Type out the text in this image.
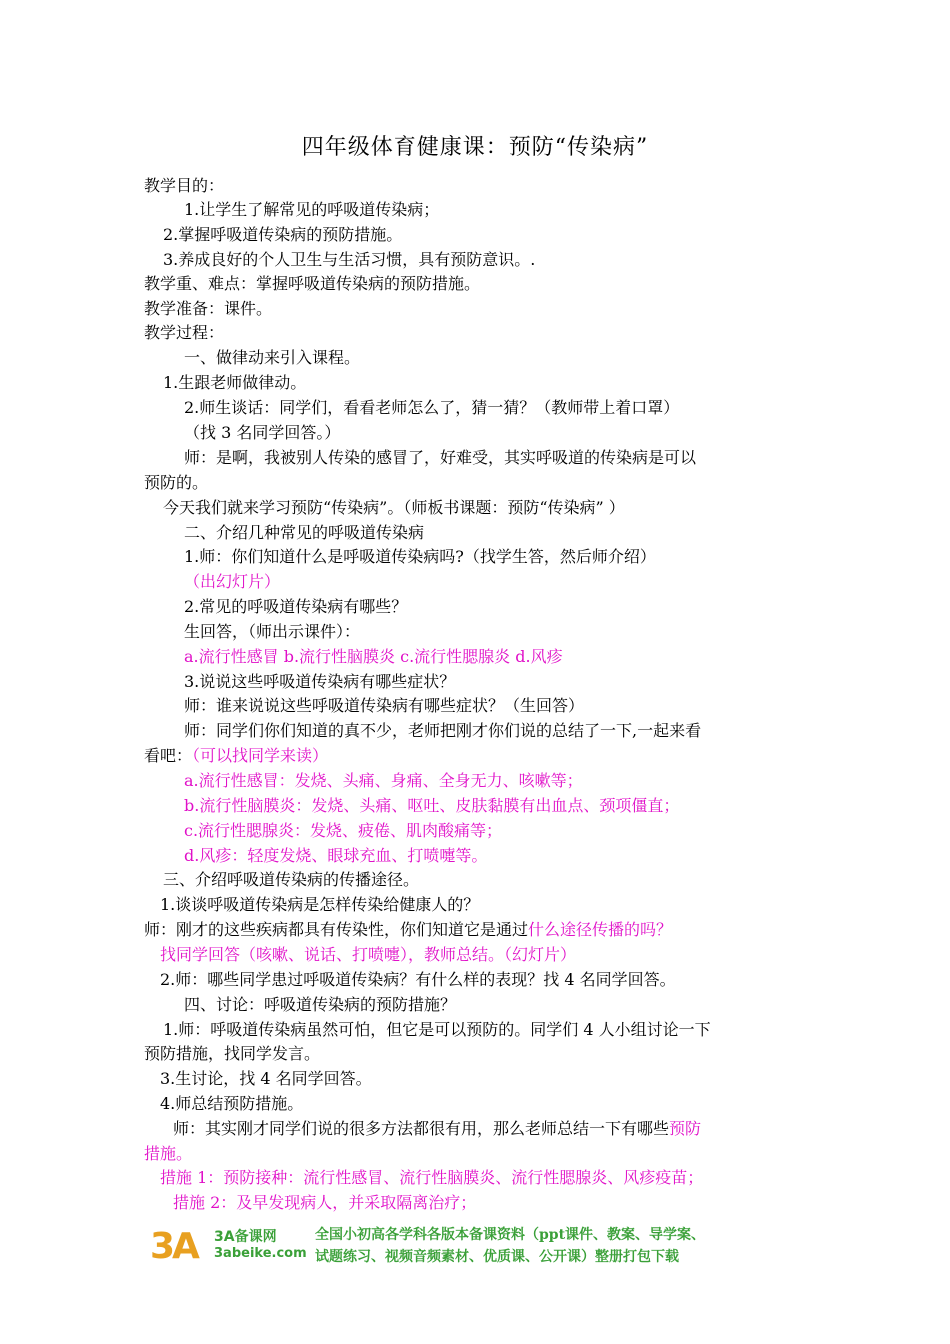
四年级体育健康课：预防“传染病”
教学目的：
1.让学生了解常见的呼吸道传染病；
2.掌握呼吸道传染病的预防措施。
3.养成良好的个人卫生与生活习惯，具有预防意识。.
教学重、难点：掌握呼吸道传染病的预防措施。
教学准备：课件。
教学过程：
一、做律动来引入课程。
1.生跟老师做律动。
2.师生谈话：同学们，看看老师怎么了，猜一猜？（教师带上着口罩）
（找 3 名同学回答。）
师：是啊，我被别人传染的感冒了，好难受，其实呼吸道的传染病是可以
预防的。
今天我们就来学习预防“传染病”。（师板书课题：预防“传染病” ）
二、介绍几种常见的呼吸道传染病
1.师：你们知道什么是呼吸道传染病吗?（找学生答，然后师介绍）
（出幻灯片）
2.常见的呼吸道传染病有哪些？
生回答，（师出示课件）：
a.流行性感冒 b.流行性脑膜炎 c.流行性腮腺炎 d.风疹
3.说说这些呼吸道传染病有哪些症状？
师：谁来说说这些呼吸道传染病有哪些症状？（生回答）
师：同学们你们知道的真不少，老师把刚才你们说的总结了一下,一起来看
看吧：（可以找同学来读）
a.流行性感冒：发烧、头痛、身痛、全身无力、咳嗽等；
b.流行性脑膜炎：发烧、头痛、呕吐、皮肤黏膜有出血点、颈项僵直；
c.流行性腮腺炎：发烧、疲倦、肌肉酸痛等；
d.风疹：轻度发烧、眼球充血、打喷嚏等。
三、介绍呼吸道传染病的传播途径。
1.谈谈呼吸道传染病是怎样传染给健康人的？
师：刚才的这些疾病都具有传染性，你们知道它是通过什么途径传播的吗？
找同学回答（咳嗽、说话、打喷嚏），教师总结。（幻灯片）
2.师：哪些同学患过呼吸道传染病？有什么样的表现？找 4 名同学回答。
四、讨论：呼吸道传染病的预防措施？
1.师：呼吸道传染病虽然可怕，但它是可以预防的。同学们 4 人小组讨论一下
预防措施，找同学发言。
3.生讨论，找 4 名同学回答。
4.师总结预防措施。
师：其实刚才同学们说的很多方法都很有用，那么老师总结一下有哪些预防
措施。
措施 1：预防接种：流行性感冒、流行性脑膜炎、流行性腮腺炎、风疹疫苗；
措施 2：及早发现病人，并采取隔离治疗；
3A 3A备课网
3abeike.com
全国小初高各学科各版本备课资料（ppt课件、教案、导学案、
试题练习、视频音频素材、优质课、公开课）整册打包下载
